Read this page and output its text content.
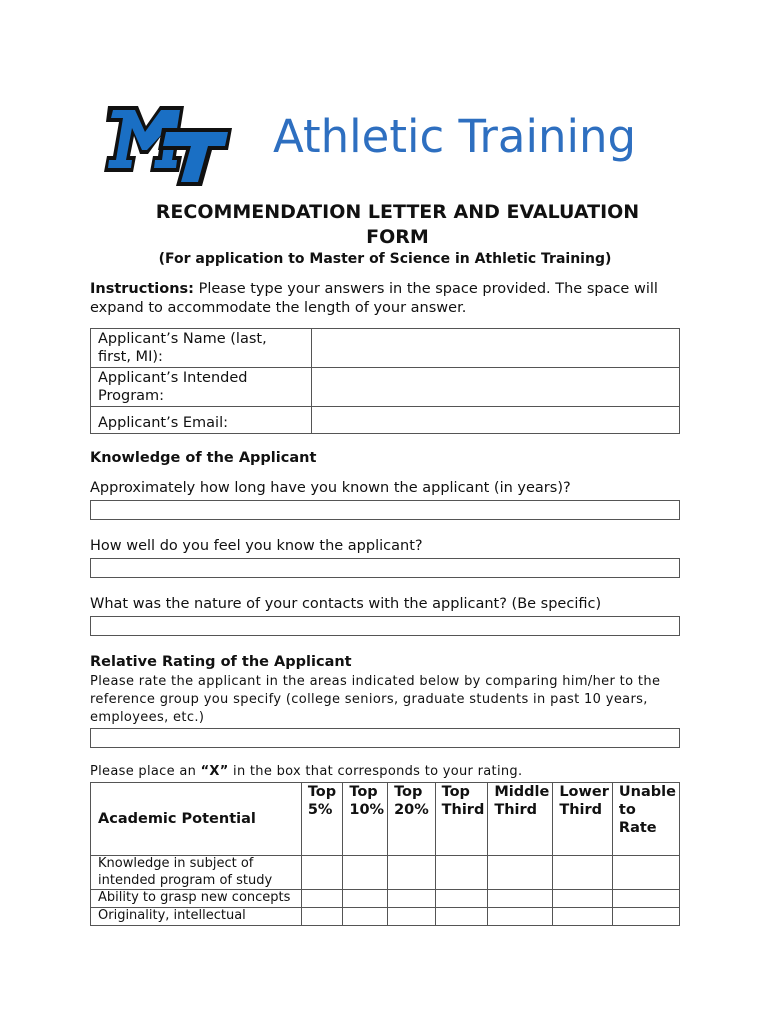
MT
Athletic Training
RECOMMENDATION LETTER AND EVALUATION
FORM
(For application to Master of Science in Athletic Training)
Instructions: Please type your answers in the space provided. The space will expand to accommodate the length of your answer.
Applicant’s Name (last, first, MI):	
Applicant’s Intended Program:	
Applicant’s Email:	
Knowledge of the Applicant
Approximately how long have you known the applicant (in years)?
How well do you feel you know the applicant?
What was the nature of your contacts with the applicant? (Be specific)
Relative Rating of the Applicant
Please rate the applicant in the areas indicated below by comparing him/her to the reference group you specify (college seniors, graduate students in past 10 years, employees, etc.)
Please place an “X” in the box that corresponds to your rating.
Academic Potential	Top 5%	Top 10%	Top 20%	Top Third	Middle Third	Lower Third	Unable to Rate
Knowledge in subject of intended program of study							
Ability to grasp new concepts							
Originality, intellectual							
